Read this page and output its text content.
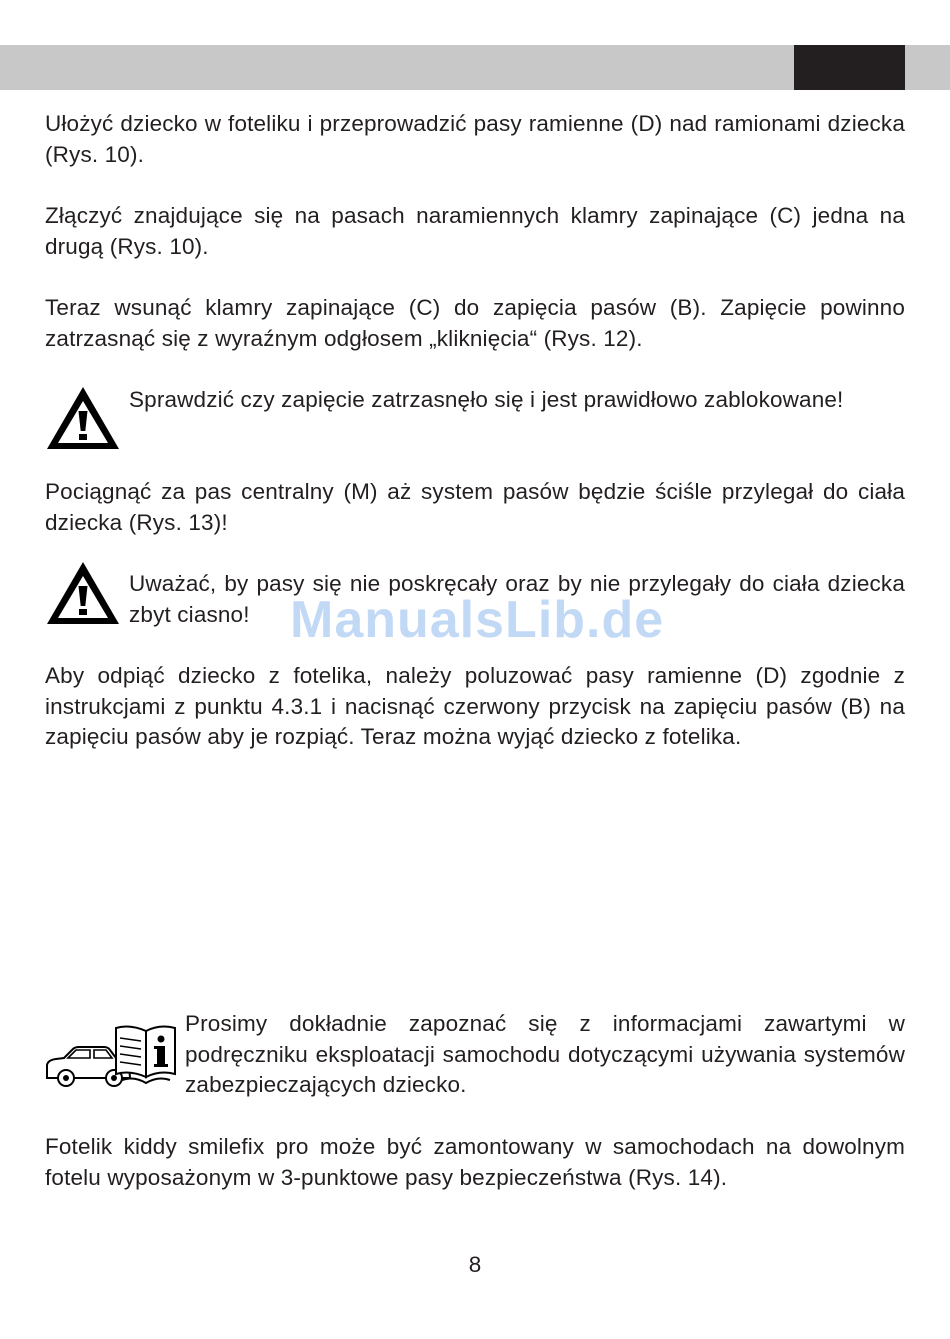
Ułożyć dziecko w foteliku i przeprowadzić pasy ramienne (D) nad ramionami dziecka (Rys. 10).

Złączyć znajdujące się na pasach naramiennych klamry zapinające (C) jedna na drugą (Rys. 10).

Teraz wsunąć klamry zapinające (C) do zapięcia pasów (B). Zapięcie powinno zatrzasnąć się z wyraźnym odgłosem „kliknięcia“ (Rys. 12).

Sprawdzić czy zapięcie zatrzasnęło się i jest prawidłowo zablokowane!

Pociągnąć za pas centralny (M) aż system pasów będzie ściśle przylegał do ciała dziecka (Rys. 13)!

Uważać, by pasy się nie poskręcały oraz by nie przylegały do ciała dziecka zbyt ciasno! ManualsLib.de

Aby odpiąć dziecko z fotelika, należy poluzować pasy ramienne (D) zgodnie z instrukcjami z punktu 4.3.1 i nacisnąć czerwony przycisk na zapięciu pasów (B) na zapięciu pasów aby je rozpiąć. Teraz można wyjąć dziecko z fotelika.

Prosimy dokładnie zapoznać się z informacjami zawartymi w podręczniku eksploatacji samochodu dotyczącymi używania systemów zabezpieczających dziecko.

Fotelik kiddy smilefix pro może być zamontowany w samochodach na dowolnym fotelu wyposażonym w 3-punktowe pasy bezpieczeństwa (Rys. 14).

8
